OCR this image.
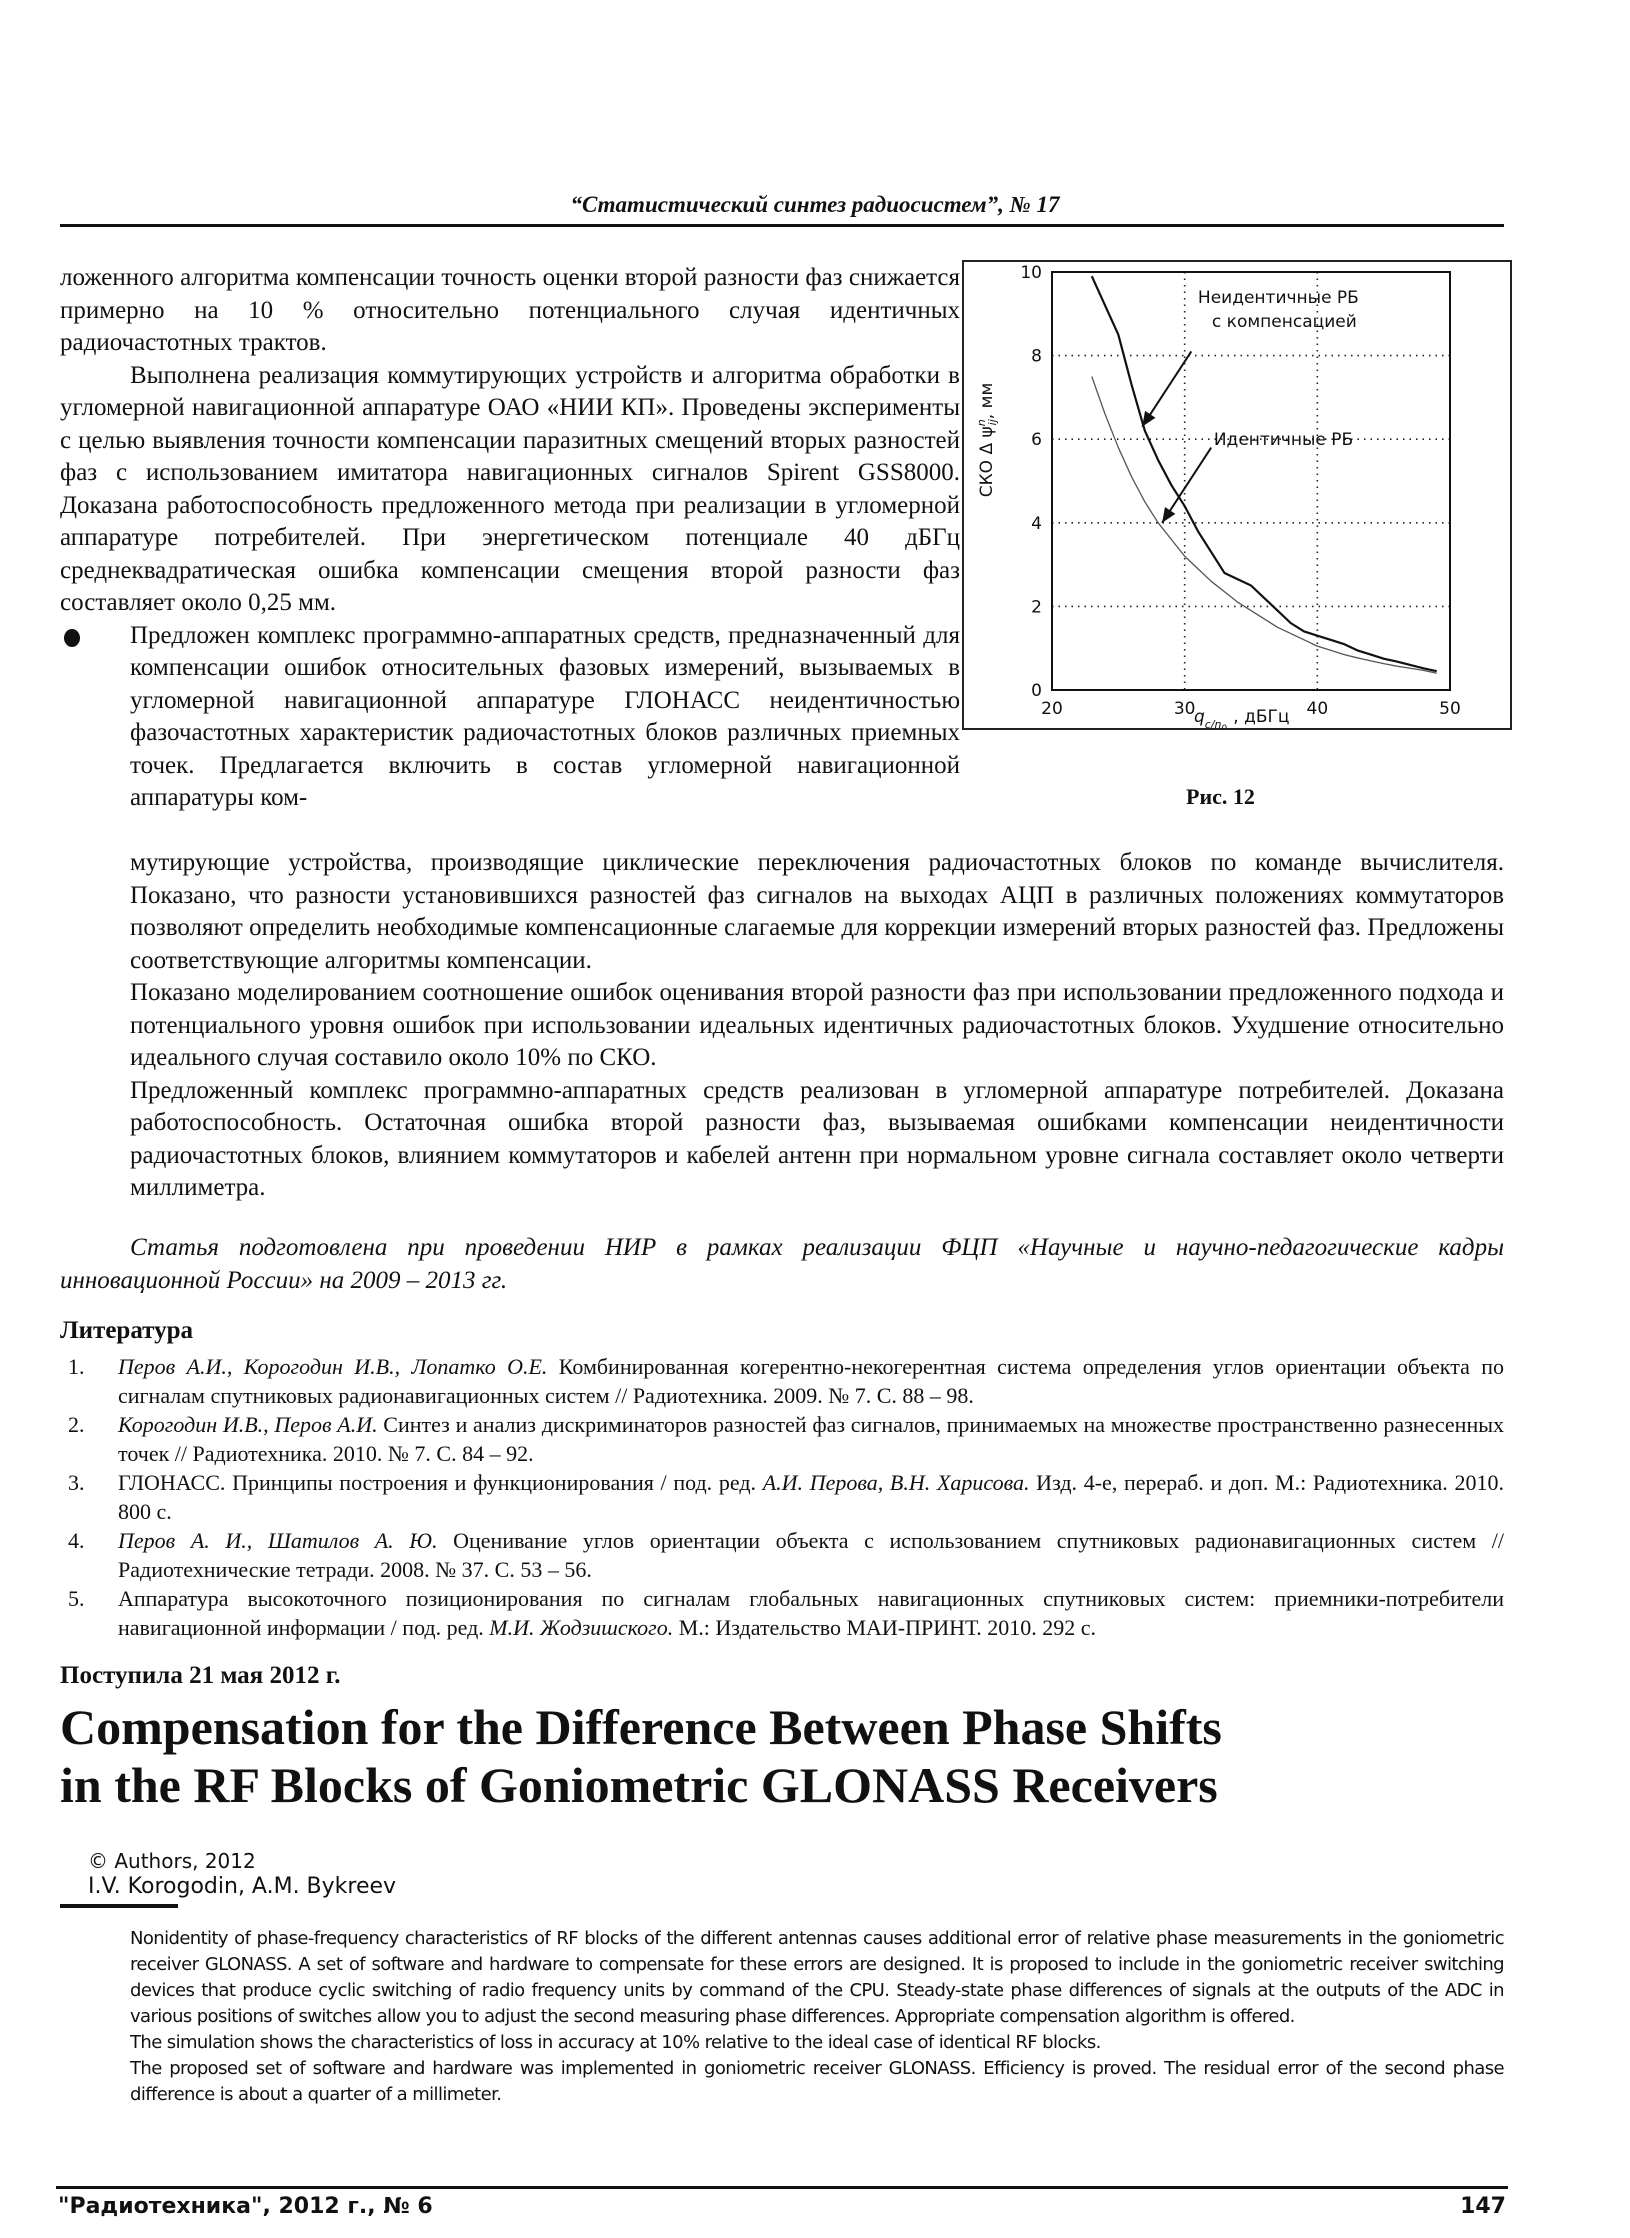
“Статистический синтез радиосистем”, № 17

ложенного алгоритма компенсации точность оценки второй разности фаз снижается примерно на 10 % относительно потенциального случая идентичных радиочастотных трактов.

Выполнена реализация коммутирующих устройств и алгоритма обработки в угломерной навигационной аппаратуре ОАО «НИИ КП». Проведены эксперименты с целью выявления точности компенсации паразитных смещений вторых разностей фаз с использованием имитатора навигационных сигналов Spirent GSS8000. Доказана работоспособность предложенного метода при реализации в угломерной аппаратуре потребителей. При энергетическом потенциале 40 дБГц среднеквадратическая ошибка компенсации смещения второй разности фаз составляет около 0,25 мм.

Предложен комплекс программно-аппаратных средств, предназначенный для компенсации ошибок относительных фазовых измерений, вызываемых в угломерной навигационной аппаратуре ГЛОНАСС неидентичностью фазочастотных характеристик радиочастотных блоков различных приемных точек. Предлагается включить в состав угломерной навигационной аппаратуры ком-

мутирующие устройства, производящие циклические переключения радиочастотных блоков по команде вычислителя. Показано, что разности установившихся разностей фаз сигналов на выходах АЦП в различных положениях коммутаторов позволяют определить необходимые компенсационные слагаемые для коррекции измерений вторых разностей фаз. Предложены соответствующие алгоритмы компенсации.

Показано моделированием соотношение ошибок оценивания второй разности фаз при использовании предложенного подхода и потенциального уровня ошибок при использовании идеальных идентичных радиочастотных блоков. Ухудшение относительно идеального случая составило около 10% по СКО.

Предложенный комплекс программно-аппаратных средств реализован в угломерной аппаратуре потребителей. Доказана работоспособность. Остаточная ошибка второй разности фаз, вызываемая ошибками компенсации неидентичности радиочастотных блоков, влиянием коммутаторов и кабелей антенн при нормальном уровне сигнала составляет около четверти миллиметра.

Статья подготовлена при проведении НИР в рамках реализации ФЦП «Научные и научно-педагогические кадры инновационной России» на 2009 – 2013 гг.
Литература
1. Перов А.И., Корогодин И.В., Лопатко О.Е. Комбинированная когерентно-некогерентная система определения углов ориентации объекта по сигналам спутниковых радионавигационных систем // Радиотехника. 2009. № 7. С. 88 – 98.
2. Корогодин И.В., Перов А.И. Синтез и анализ дискриминаторов разностей фаз сигналов, принимаемых на множестве пространственно разнесенных точек // Радиотехника. 2010. № 7. С. 84 – 92.
3. ГЛОНАСС. Принципы построения и функционирования / под. ред. А.И. Перова, В.Н. Харисова. Изд. 4-е, перераб. и доп. М.: Радиотехника. 2010. 800 с.
4. Перов А. И., Шатилов А. Ю. Оценивание углов ориентации объекта с использованием спутниковых радионавигационных систем // Радиотехнические тетради. 2008. № 37. С. 53 – 56.
5. Аппаратура высокоточного позиционирования по сигналам глобальных навигационных спутниковых систем: приемники-потребители навигационной информации / под. ред. М.И. Жодзишского. М.: Издательство МАИ-ПРИНТ. 2010. 292 с.
Поступила 21 мая 2012 г.
Compensation for the Difference Between Phase Shifts
in the RF Blocks of Goniometric GLONASS Receivers
© Authors, 2012
I.V. Korogodin, A.M. Bykreev

Nonidentity of phase-frequency characteristics of RF blocks of the different antennas causes additional error of relative phase measurements in the goniometric receiver GLONASS. A set of software and hardware to compensate for these errors are designed. It is proposed to include in the goniometric receiver switching devices that produce cyclic switching of radio frequency units by command of the CPU. Steady-state phase differences of signals at the outputs of the ADC in various positions of switches allow you to adjust the second measuring phase differences. Appropriate compensation algorithm is offered.

The simulation shows the characteristics of loss in accuracy at 10% relative to the ideal case of identical RF blocks.

The proposed set of software and hardware was implemented in goniometric receiver GLONASS. Efficiency is proved. The residual error of the second phase difference is about a quarter of a millimeter.

"Радиотехника", 2012 г., № 6	147
20	30	40	50
0
2
4
6
8
10
Неидентичные РБ
с компенсацией
Идентичные РБ
СКО Δ $\psi^nij$, мм
$q_{c/n}0$, дБГц
Рис. 12
